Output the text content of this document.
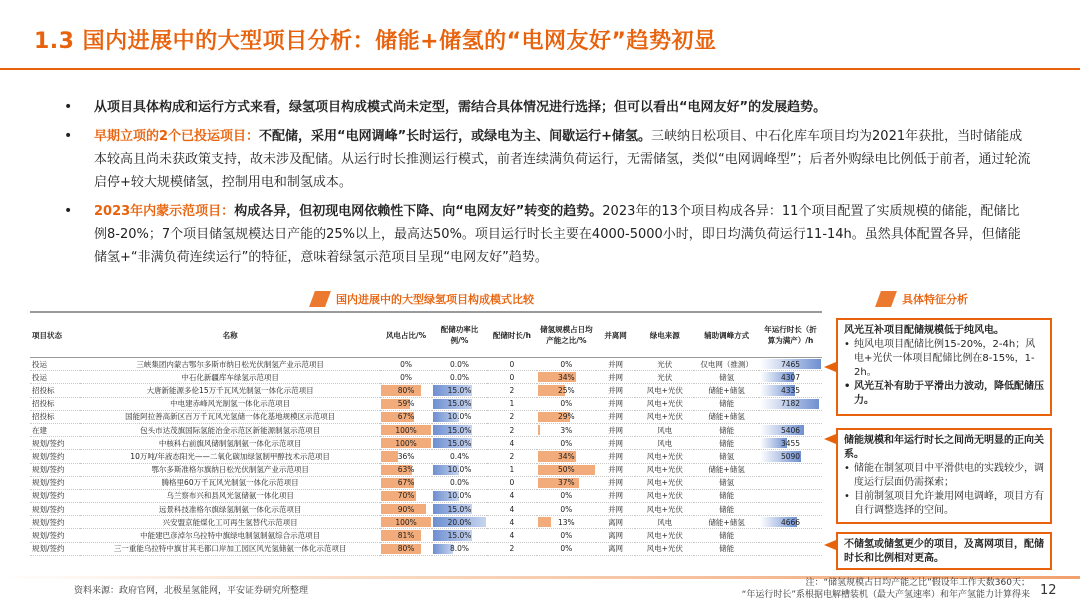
1.3 国内进展中的大型项目分析：储能+储氢的“电网友好”趋势初显
• 从项目具体构成和运行方式来看，绿氢项目构成模式尚未定型，需结合具体情况进行选择；但可以看出“电网友好”的发展趋势。
• 早期立项的2个已投运项目：不配储，采用“电网调峰”长时运行，或绿电为主、间歇运行+储氢。三峡纳日松项目、中石化库车项目均为2021年获批，当时储能成本较高且尚未获政策支持，故未涉及配储。从运行时长推测运行模式，前者连续满负荷运行，无需储氢，类似“电网调峰型”；后者外购绿电比例低于前者，通过轮流启停+较大规模储氢，控制用电和制氢成本。
• 2023年内蒙示范项目：构成各异，但初现电网依赖性下降、向“电网友好”转变的趋势。2023年的13个项目构成各异：11个项目配置了实质规模的储能，配储比例8-20%；7个项目储氢规模达日产能的25%以上，最高达50%。项目运行时长主要在4000-5000小时，即日均满负荷运行11-14h。虽然具体配置各异，但储能储氢+“非满负荷连续运行”的特征，意味着绿氢示范项目呈现“电网友好”趋势。
国内进展中的大型绿氢项目构成模式比较	具体特征分析
项目状态	名称	风电占比/%	配储功率比例/%	配储时长/h	储氢规模占日均产能之比/%	并离网	绿电来源	辅助调峰方式	年运行时长（折算为满产）/h
投运	三峡集团内蒙古鄂尔多斯市纳日松光伏制氢产业示范项目	0%	0.0%	0	0%	并网	光伏	仅电网（推测）	7465
投运	中石化新疆库车绿氢示范项目	0%	0.0%	0	34%	并网	光伏	储氢	4307
招投标	大唐新能源多伦15万千瓦风光制氢一体化示范项目	80%	15.0%	2	25%	并网	风电+光伏	储能+储氢	4335
招投标	中电建赤峰风光制氢一体化示范项目	59%	15.0%	1	0%	并网	风电+光伏	储能	7182
招投标	国能阿拉善高新区百万千瓦风光氢储一体化基地规模区示范项目	67%	10.0%	2	29%	并网	风电+光伏	储能+储氢	
在建	包头市达茂旗国际氢能冶金示范区新能源制氢示范项目	100%	15.0%	2	3%	并网	风电	储能	5406
规划/签约	中核科右前旗风储制氢制氨一体化示范项目	100%	15.0%	4	0%	并网	风电	储能	3455
规划/签约	10万吨/年液态阳光——二氧化碳加绿氢制甲醇技术示范项目	36%	0.4%	2	34%	并网	风电+光伏	储氢	5090
规划/签约	鄂尔多斯准格尔旗纳日松光伏制氢产业示范项目	63%	10.0%	1	50%	并网	风电+光伏	储能+储氢	
规划/签约	腾格里60万千瓦风光制氢一体化示范项目	67%	0.0%	0	37%	并网	风电+光伏	储氢	
规划/签约	乌兰察布兴和县风光氢储氨一体化项目	70%	10.0%	4	0%	并网	风电+光伏	储能	
规划/签约	远景科技准格尔旗绿氢制氨一体化示范项目	90%	15.0%	4	0%	并网	风电+光伏	储能	
规划/签约	兴安盟京能煤化工可再生氢替代示范项目	100%	20.0%	4	13%	离网	风电	储能+储氢	4666
规划/签约	中能建巴彦淖尔乌拉特中旗绿电制氢制氨综合示范项目	81%	15.0%	4	0%	离网	风电+光伏	储能	
规划/签约	三一重能乌拉特中旗甘其毛都口岸加工园区风光氢储氨一体化示范项目	80%	8.0%	2	0%	离网	风电+光伏	储能	
风光互补项目配储规模低于纯风电。
• 纯风电项目配储比例15-20%，2-4h；风电+光伏一体项目配储比例在8-15%，1-2h。
• 风光互补有助于平滑出力波动，降低配储压力。
储能规模和年运行时长之间尚无明显的正向关系。
• 储能在制氢项目中平滑供电的实践较少，调度运行层面仍需探索；
• 目前制氢项目允许兼用网电调峰，项目方有自行调整选择的空间。
不储氢或储氢更少的项目，及离网项目，配储时长和比例相对更高。
资料来源：政府官网，北极星氢能网，平安证券研究所整理
注：“储氢规模占日均产能之比”假设年工作天数360天；
“年运行时长”系根据电解槽装机（最大产氢速率）和年产氢能力计算得来 12
